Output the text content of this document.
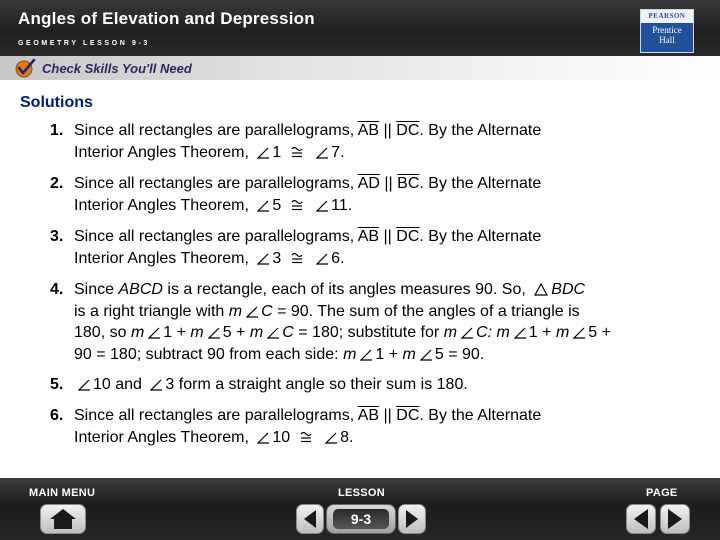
Angles of Elevation and Depression
GEOMETRY LESSON 9-3
PEARSON
Prentice
Hall
Check Skills You'll Need
Solutions
1. Since all rectangles are parallelograms, $\overline{AB}$ || $\overline{DC}$. By the Alternate
Interior Angles Theorem, 1	7.
2. Since all rectangles are parallelograms, $\overline{AD}$ || $\overline{BC}$. By the Alternate
Interior Angles Theorem, 5	11.
3. Since all rectangles are parallelograms, $\overline{AB}$ || $\overline{DC}$. By the Alternate
Interior Angles Theorem, 3	6.
4. Since ABCD is a rectangle, each of its angles measures 90. So, BDC
is a right triangle with m C = 90. The sum of the angles of a triangle is
180, so m 1 + m 5 + m C = 180; substitute for m C: m 1 + m 5 +
90 = 180; subtract 90 from each side: m 1 + m 5 = 90.
5.	10 and 3 form a straight angle so their sum is 180.
6. Since all rectangles are parallelograms, $\overline{AB}$ || $\overline{DC}$. By the Alternate
Interior Angles Theorem, 10	8.
MAIN MENU	LESSON	PAGE
9-3
